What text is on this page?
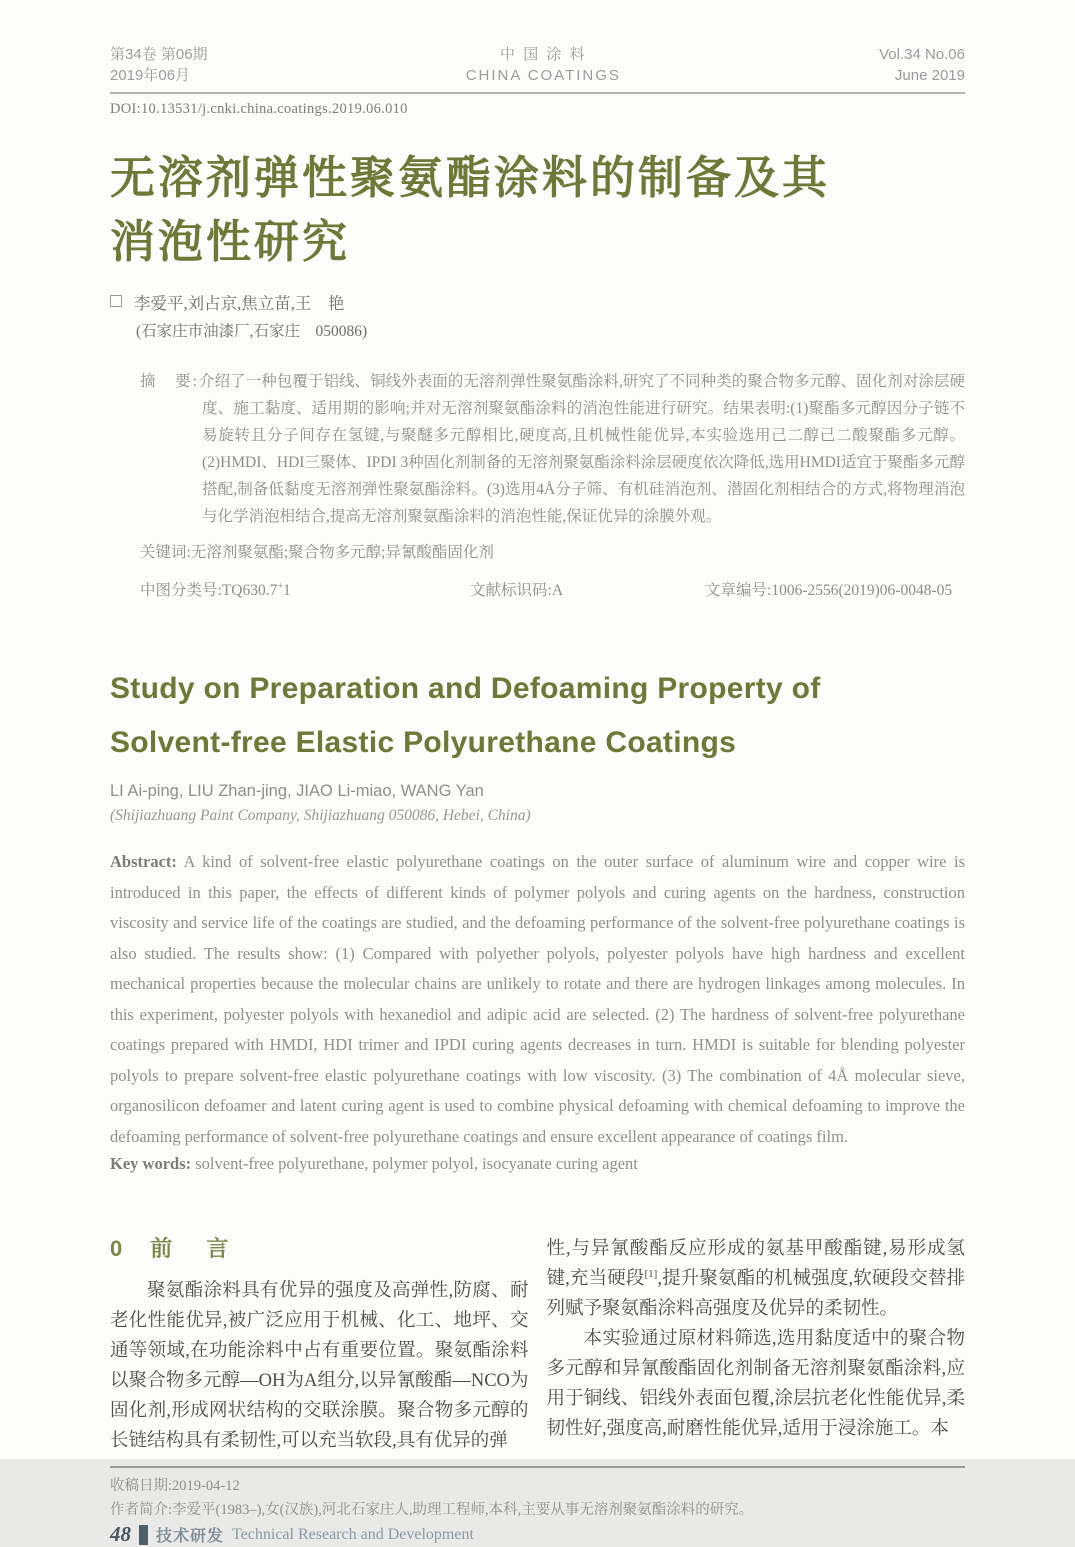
第34卷 第06期
2019年06月
中 国 涂 料
CHINA COATINGS
Vol.34 No.06
June 2019
DOI:10.13531/j.cnki.china.coatings.2019.06.010
无溶剂弹性聚氨酯涂料的制备及其
消泡性研究
李爱平,刘占京,焦立苗,王　艳
(石家庄市油漆厂,石家庄　050086)
摘　要:介绍了一种包覆于铝线、铜线外表面的无溶剂弹性聚氨酯涂料,研究了不同种类的聚合物多元醇、固化剂对涂层硬度、施工黏度、适用期的影响;并对无溶剂聚氨酯涂料的消泡性能进行研究。结果表明:(1)聚酯多元醇因分子链不易旋转且分子间存在氢键,与聚醚多元醇相比,硬度高,且机械性能优异,本实验选用己二醇己二酸聚酯多元醇。(2)HMDI、HDI三聚体、IPDI 3种固化剂制备的无溶剂聚氨酯涂料涂层硬度依次降低,选用HMDI适宜于聚酯多元醇搭配,制备低黏度无溶剂弹性聚氨酯涂料。(3)选用4Å分子筛、有机硅消泡剂、潜固化剂相结合的方式,将物理消泡与化学消泡相结合,提高无溶剂聚氨酯涂料的消泡性能,保证优异的涂膜外观。
关键词:无溶剂聚氨酯;聚合物多元醇;异氰酸酯固化剂
中图分类号:TQ630.7+1	文献标识码:A	文章编号:1006-2556(2019)06-0048-05
Study on Preparation and Defoaming Property of
Solvent-free Elastic Polyurethane Coatings
LI Ai-ping, LIU Zhan-jing, JIAO Li-miao, WANG Yan
(Shijiazhuang Paint Company, Shijiazhuang 050086, Hebei, China)
Abstract: A kind of solvent-free elastic polyurethane coatings on the outer surface of aluminum wire and copper wire is introduced in this paper, the effects of different kinds of polymer polyols and curing agents on the hardness, construction viscosity and service life of the coatings are studied, and the defoaming performance of the solvent-free polyurethane coatings is also studied. The results show: (1) Compared with polyether polyols, polyester polyols have high hardness and excellent mechanical properties because the molecular chains are unlikely to rotate and there are hydrogen linkages among molecules. In this experiment, polyester polyols with hexanediol and adipic acid are selected. (2) The hardness of solvent-free polyurethane coatings prepared with HMDI, HDI trimer and IPDI curing agents decreases in turn. HMDI is suitable for blending polyester polyols to prepare solvent-free elastic polyurethane coatings with low viscosity. (3) The combination of 4Å molecular sieve, organosilicon defoamer and latent curing agent is used to combine physical defoaming with chemical defoaming to improve the defoaming performance of solvent-free polyurethane coatings and ensure excellent appearance of coatings film.
Key words: solvent-free polyurethane, polymer polyol, isocyanate curing agent
0 前 言

聚氨酯涂料具有优异的强度及高弹性,防腐、耐老化性能优异,被广泛应用于机械、化工、地坪、交通等领域,在功能涂料中占有重要位置。聚氨酯涂料以聚合物多元醇—OH为A组分,以异氰酸酯—NCO为固化剂,形成网状结构的交联涂膜。聚合物多元醇的长链结构具有柔韧性,可以充当软段,具有优异的弹

性,与异氰酸酯反应形成的氨基甲酸酯键,易形成氢键,充当硬段[1],提升聚氨酯的机械强度,软硬段交替排列赋予聚氨酯涂料高强度及优异的柔韧性。

本实验通过原材料筛选,选用黏度适中的聚合物多元醇和异氰酸酯固化剂制备无溶剂聚氨酯涂料,应用于铜线、铝线外表面包覆,涂层抗老化性能优异,柔韧性好,强度高,耐磨性能优异,适用于浸涂施工。本

收稿日期:2019-04-12
作者简介:李爱平(1983–),女(汉族),河北石家庄人,助理工程师,本科,主要从事无溶剂聚氨酯涂料的研究。
48 技术研发 Technical Research and Development
